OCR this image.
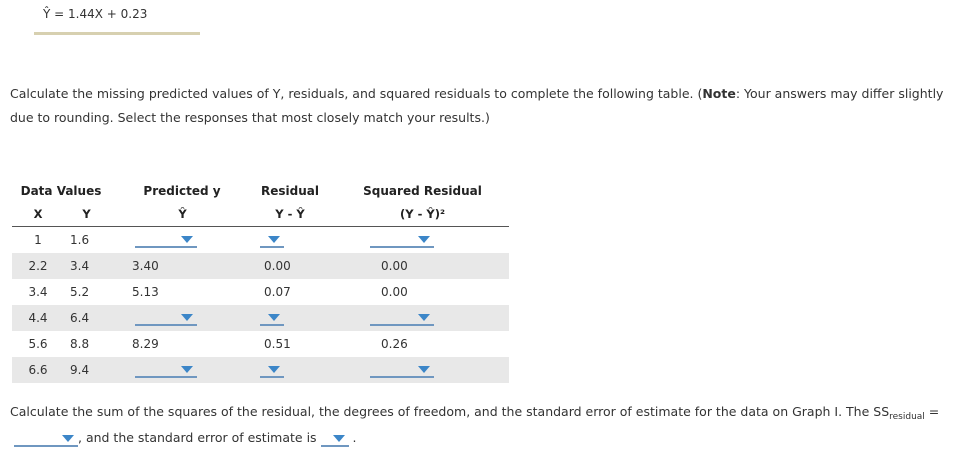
Ŷ = 1.44X + 0.23
Calculate the missing predicted values of Y, residuals, and squared residuals to complete the following table. (Note: Your answers may differ slightly due to rounding. Select the responses that most closely match your results.)
Data Values		Predicted y	Residual	Squared Residual
X	Y	Ŷ	Y - Ŷ	(Y - Ŷ)²
1	1.6	

2.2	3.4	3.40	0.00	0.00
3.4	5.2	5.13	0.07	0.00
4.4	6.4	

5.6	8.8	8.29	0.51	0.26
6.6	9.4	

Calculate the sum of the squares of the residual, the degrees of freedom, and the standard error of estimate for the data on Graph I. The $SS_{residual}$ =
, and the standard error of estimate is	.
